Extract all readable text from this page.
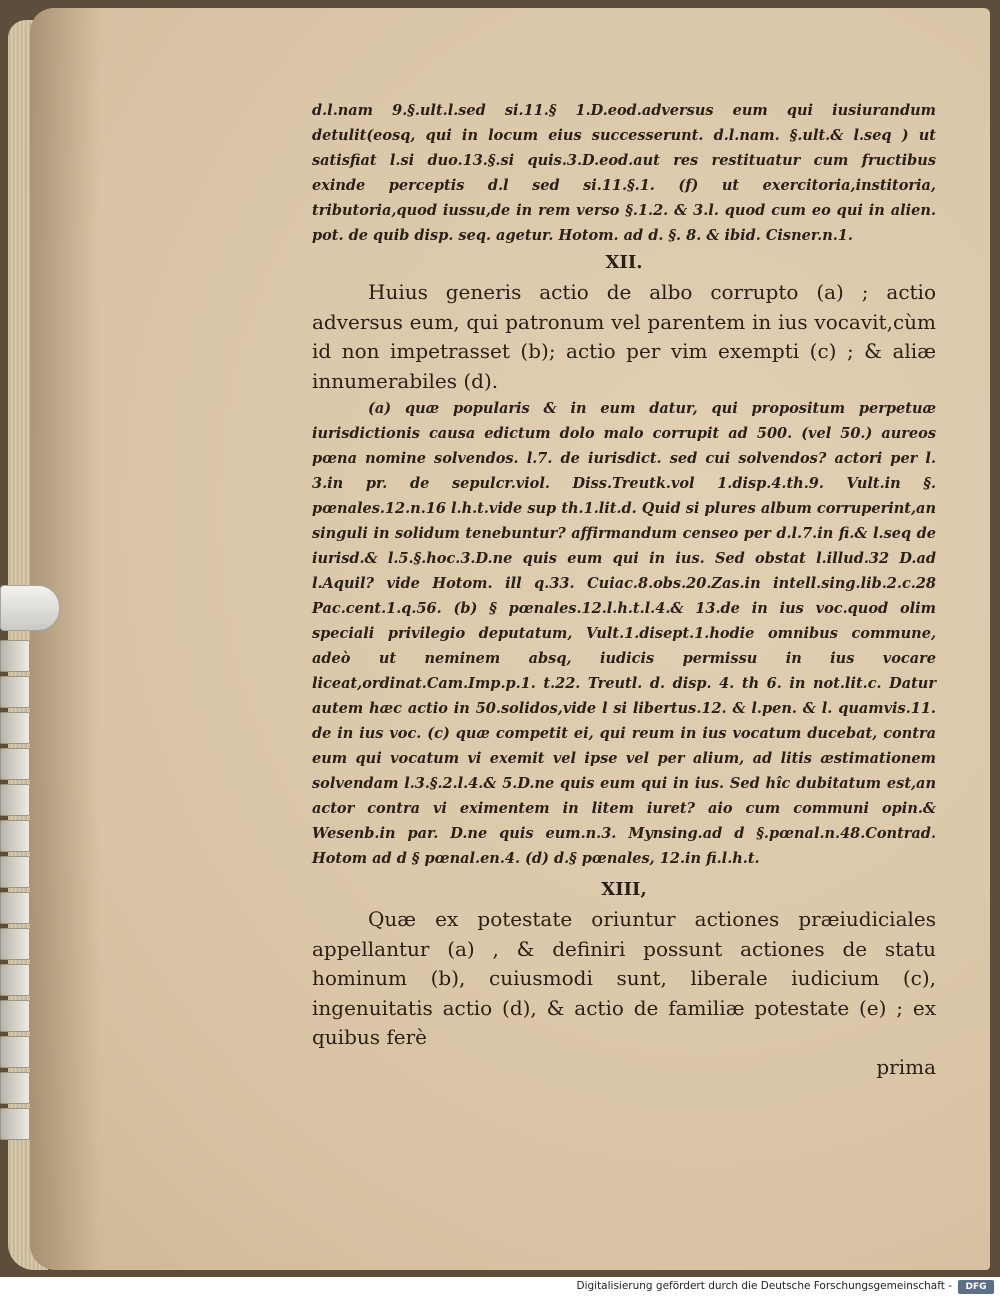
d.l.nam 9.§.ult.l.sed si.11.§ 1.D.eod.adversus eum qui iusiurandum detulit(eosq, qui in locum eius successerunt. d.l.nam. §.ult.& l.seq ) ut satisfiat l.si duo.13.§.si quis.3.D.eod.aut res restituatur cum fructibus exinde perceptis d.l sed si.11.§.1. (f) ut exercitoria,institoria, tributoria,quod iussu,de in rem verso §.1.2. & 3.l. quod cum eo qui in alien. pot. de quib disp. seq. agetur. Hotom. ad d. §. 8. & ibid. Cisner.n.1.

XII.

Huius generis actio de albo corrupto (a) ; actio adversus eum, qui patronum vel parentem in ius vocavit,cùm id non impetrasset (b); actio per vim exempti (c) ; & aliæ innumerabiles (d).

(a) quæ popularis & in eum datur, qui propositum perpetuæ iurisdictionis causa edictum dolo malo corrupit ad 500. (vel 50.) aureos pœna nomine solvendos. l.7. de iurisdict. sed cui solvendos? actori per l. 3.in pr. de sepulcr.viol. Diss.Treutk.vol 1.disp.4.th.9. Vult.in §. pœnales.12.n.16 l.h.t.vide sup th.1.lit.d. Quid si plures album corruperint,an singuli in solidum tenebuntur? affirmandum censeo per d.l.7.in fi.& l.seq de iurisd.& l.5.§.hoc.3.D.ne quis eum qui in ius. Sed obstat l.illud.32 D.ad l.Aquil? vide Hotom. ill q.33. Cuiac.8.obs.20.Zas.in intell.sing.lib.2.c.28 Pac.cent.1.q.56. (b) § pœnales.12.l.h.t.l.4.& 13.de in ius voc.quod olim speciali privilegio deputatum, Vult.1.disept.1.hodie omnibus commune, adeò ut neminem absq, iudicis permissu in ius vocare liceat,ordinat.Cam.Imp.p.1. t.22. Treutl. d. disp. 4. th 6. in not.lit.c. Datur autem hæc actio in 50.solidos,vide l si libertus.12. & l.pen. & l. quamvis.11. de in ius voc. (c) quæ competit ei, qui reum in ius vocatum ducebat, contra eum qui vocatum vi exemit vel ipse vel per alium, ad litis æstimationem solvendam l.3.§.2.l.4.& 5.D.ne quis eum qui in ius. Sed hîc dubitatum est,an actor contra vi eximentem in litem iuret? aio cum communi opin.& Wesenb.in par. D.ne quis eum.n.3. Mynsing.ad d §.pœnal.n.48.Contrad. Hotom ad d § pœnal.en.4. (d) d.§ pœnales, 12.in fi.l.h.t.

XIII,

Quæ ex potestate oriuntur actiones præiudiciales appellantur (a) , & definiri possunt actiones de statu hominum (b), cuiusmodi sunt, liberale iudicium (c), ingenuitatis actio (d), & actio de familiæ potestate (e) ; ex quibus ferè

prima

Digitalisierung gefördert durch die Deutsche Forschungsgemeinschaft -	DFG
